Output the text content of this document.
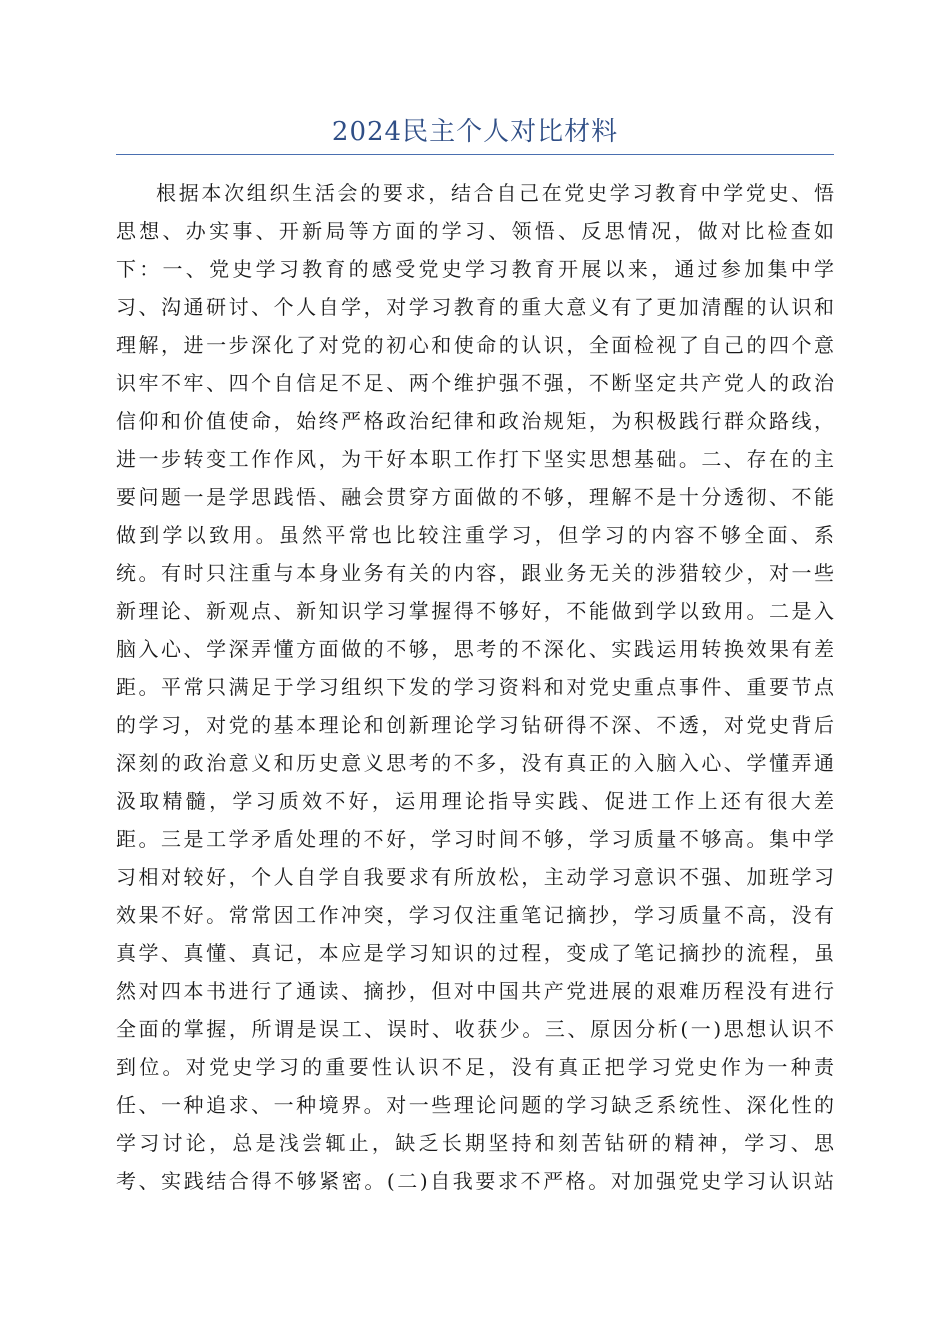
2024民主个人对比材料
根据本次组织生活会的要求，结合自己在党史学习教育中学党史、悟
思想、办实事、开新局等方面的学习、领悟、反思情况，做对比检查如
下：一、党史学习教育的感受党史学习教育开展以来，通过参加集中学
习、沟通研讨、个人自学，对学习教育的重大意义有了更加清醒的认识和
理解，进一步深化了对党的初心和使命的认识，全面检视了自己的四个意
识牢不牢、四个自信足不足、两个维护强不强，不断坚定共产党人的政治
信仰和价值使命，始终严格政治纪律和政治规矩，为积极践行群众路线，
进一步转变工作作风，为干好本职工作打下坚实思想基础。二、存在的主
要问题一是学思践悟、融会贯穿方面做的不够，理解不是十分透彻、不能
做到学以致用。虽然平常也比较注重学习，但学习的内容不够全面、系
统。有时只注重与本身业务有关的内容，跟业务无关的涉猎较少，对一些
新理论、新观点、新知识学习掌握得不够好，不能做到学以致用。二是入
脑入心、学深弄懂方面做的不够，思考的不深化、实践运用转换效果有差
距。平常只满足于学习组织下发的学习资料和对党史重点事件、重要节点
的学习，对党的基本理论和创新理论学习钻研得不深、不透，对党史背后
深刻的政治意义和历史意义思考的不多，没有真正的入脑入心、学懂弄通
汲取精髓，学习质效不好，运用理论指导实践、促进工作上还有很大差
距。三是工学矛盾处理的不好，学习时间不够，学习质量不够高。集中学
习相对较好，个人自学自我要求有所放松，主动学习意识不强、加班学习
效果不好。常常因工作冲突，学习仅注重笔记摘抄，学习质量不高，没有
真学、真懂、真记，本应是学习知识的过程，变成了笔记摘抄的流程，虽
然对四本书进行了通读、摘抄，但对中国共产党进展的艰难历程没有进行
全面的掌握，所谓是误工、误时、收获少。三、原因分析(一)思想认识不
到位。对党史学习的重要性认识不足，没有真正把学习党史作为一种责
任、一种追求、一种境界。对一些理论问题的学习缺乏系统性、深化性的
学习讨论，总是浅尝辄止，缺乏长期坚持和刻苦钻研的精神，学习、思
考、实践结合得不够紧密。(二)自我要求不严格。对加强党史学习认识站
